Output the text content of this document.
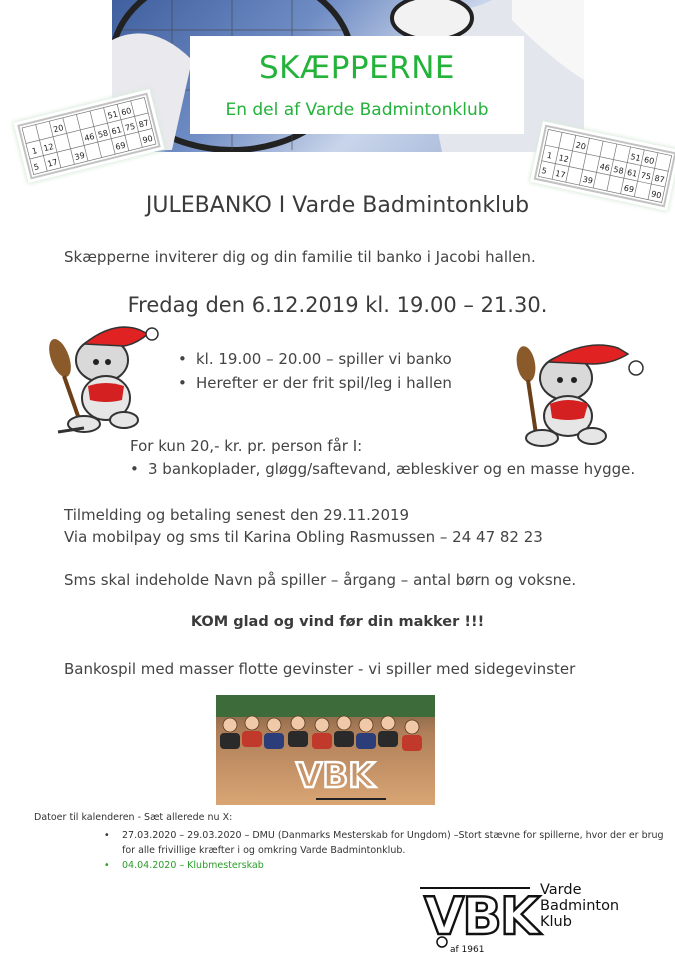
SKÆPPERNE
En del af Varde Badmintonklub
51 60
1
20
12
46 58 61 75 87
5 17
39
69
90
51 60
1
20
12
46 58 61 75 87
5 17
39
69
90
JULEBANKO I Varde Badmintonklub
Skæpperne inviterer dig og din familie til banko i Jacobi hallen.
Fredag den 6.12.2019 kl. 19.00 – 21.30.
• kl. 19.00 – 20.00 – spiller vi banko
• Herefter er der frit spil/leg i hallen
For kun 20,- kr. pr. person får I:
• 3 bankoplader, gløgg/saftevand, æbleskiver og en masse hygge.
Tilmelding og betaling senest den 29.11.2019
Via mobilpay og sms til Karina Obling Rasmussen – 24 47 82 23
Sms skal indeholde Navn på spiller – årgang – antal børn og voksne.
KOM glad og vind før din makker !!!
Bankospil med masser flotte gevinster - vi spiller med sidegevinster
VBK
Datoer til kalenderen - Sæt allerede nu X:
• 27.03.2020 – 29.03.2020 – DMU (Danmarks Mesterskab for Ungdom) –Stort stævne for spillerne, hvor der er brug for alle frivillige kræfter i og omkring Varde Badmintonklub.
• 04.04.2020 – Klubmesterskab
VBK
af 1961
Varde
Badminton
Klub
